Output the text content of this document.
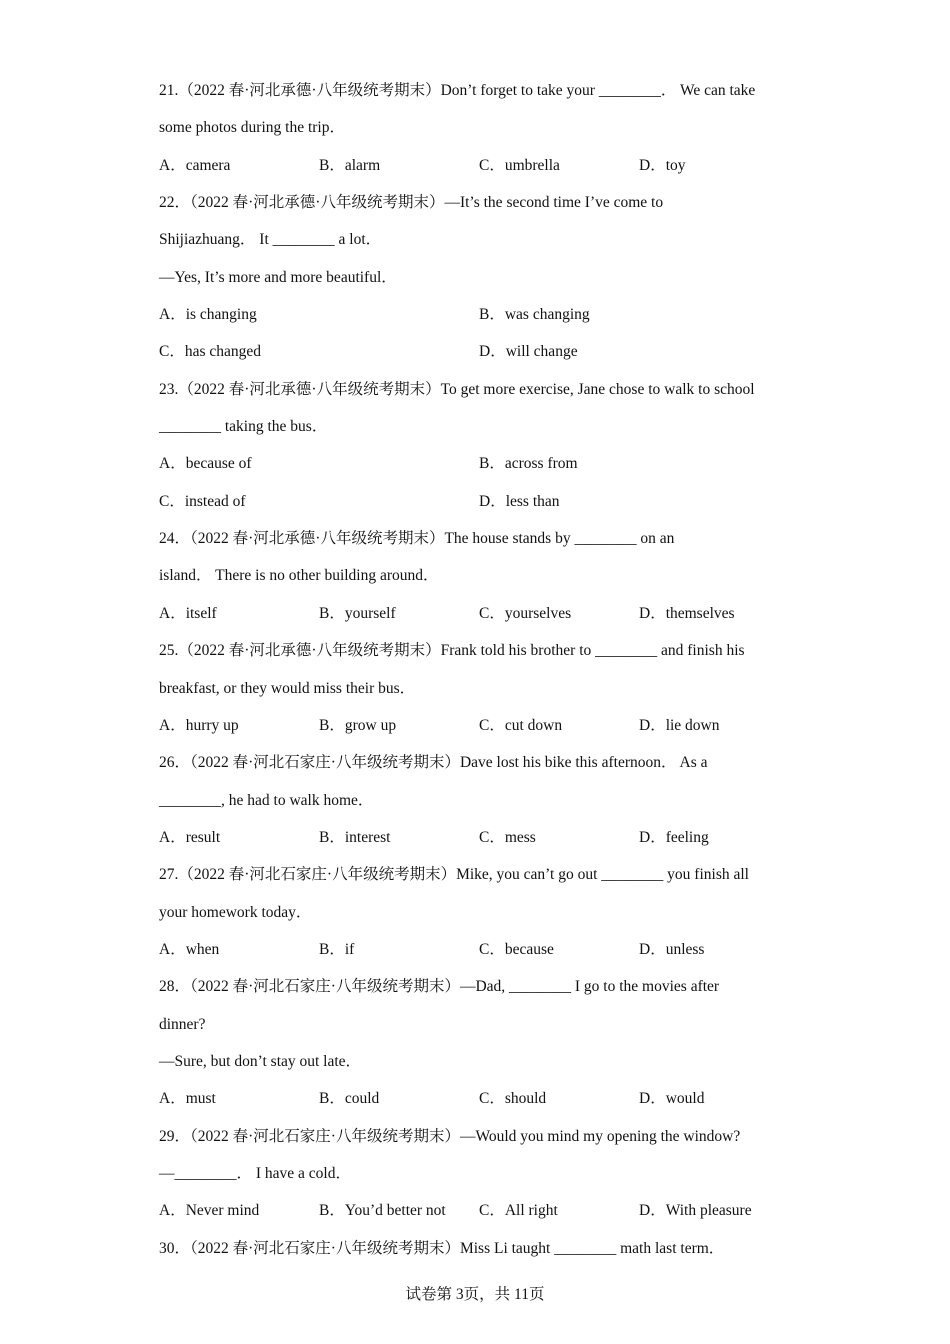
21.（2022 春·河北承德·八年级统考期末）Don’t forget to take your ________． We can take
some photos during the trip．
A．camera	B．alarm	C．umbrella	D．toy
22．（2022 春·河北承德·八年级统考期末）—It’s the second time I’ve come to
Shijiazhuang． It ________ a lot．
—Yes, It’s more and more beautiful．
A．is changing	B．was changing
C．has changed	D．will change
23.（2022 春·河北承德·八年级统考期末）To get more exercise, Jane chose to walk to school
________ taking the bus．
A．because of	B．across from
C．instead of	D．less than
24．（2022 春·河北承德·八年级统考期末）The house stands by ________ on an
island． There is no other building around．
A．itself	B．yourself	C．yourselves	D．themselves
25.（2022 春·河北承德·八年级统考期末）Frank told his brother to ________ and finish his
breakfast, or they would miss their bus．
A．hurry up	B．grow up	C．cut down	D．lie down
26．（2022 春·河北石家庄·八年级统考期末）Dave lost his bike this afternoon． As a
________, he had to walk home．
A．result	B．interest	C．mess	D．feeling
27.（2022 春·河北石家庄·八年级统考期末）Mike, you can’t go out ________ you finish all
your homework today．
A．when	B．if	C．because	D．unless
28．（2022 春·河北石家庄·八年级统考期末）—Dad, ________ I go to the movies after
dinner?
—Sure, but don’t stay out late．
A．must	B．could	C．should	D．would
29．（2022 春·河北石家庄·八年级统考期末）—Would you mind my opening the window?
—________． I have a cold．
A．Never mind	B．You’d better not	C．All right	D．With pleasure
30．（2022 春·河北石家庄·八年级统考期末）Miss Li taught ________ math last term．
试卷第 3页，共 11页
